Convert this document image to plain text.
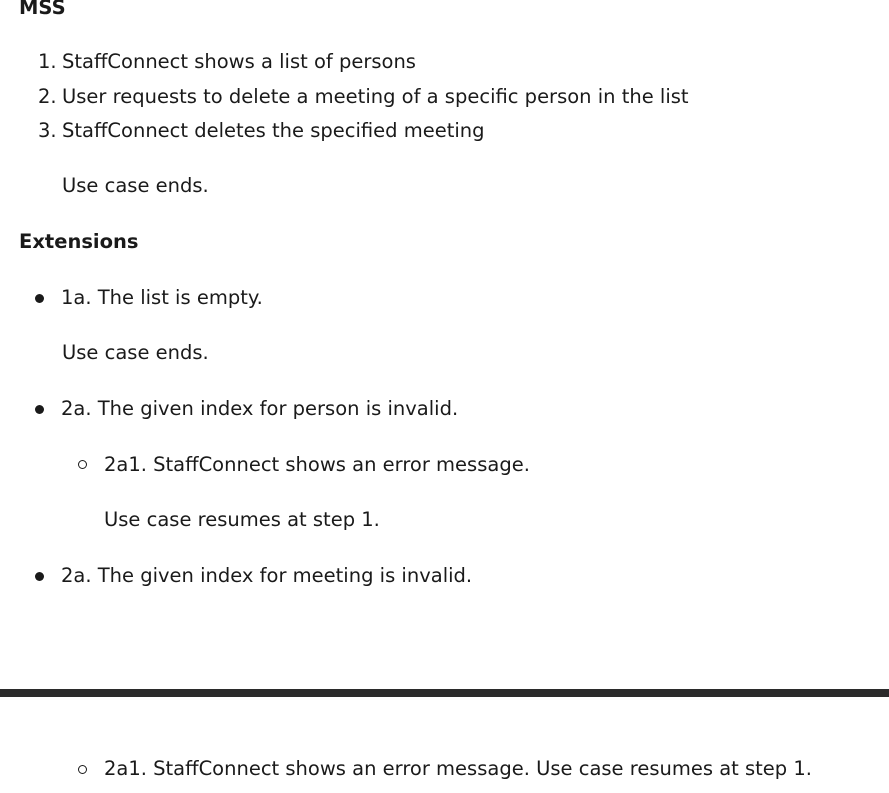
MSS
1. StaffConnect shows a list of persons
2. User requests to delete a meeting of a specific person in the list
3. StaffConnect deletes the specified meeting
Use case ends.
Extensions
1a. The list is empty.
Use case ends.
2a. The given index for person is invalid.
2a1. StaffConnect shows an error message.
Use case resumes at step 1.
2a. The given index for meeting is invalid.
2a1. StaffConnect shows an error message. Use case resumes at step 1.
